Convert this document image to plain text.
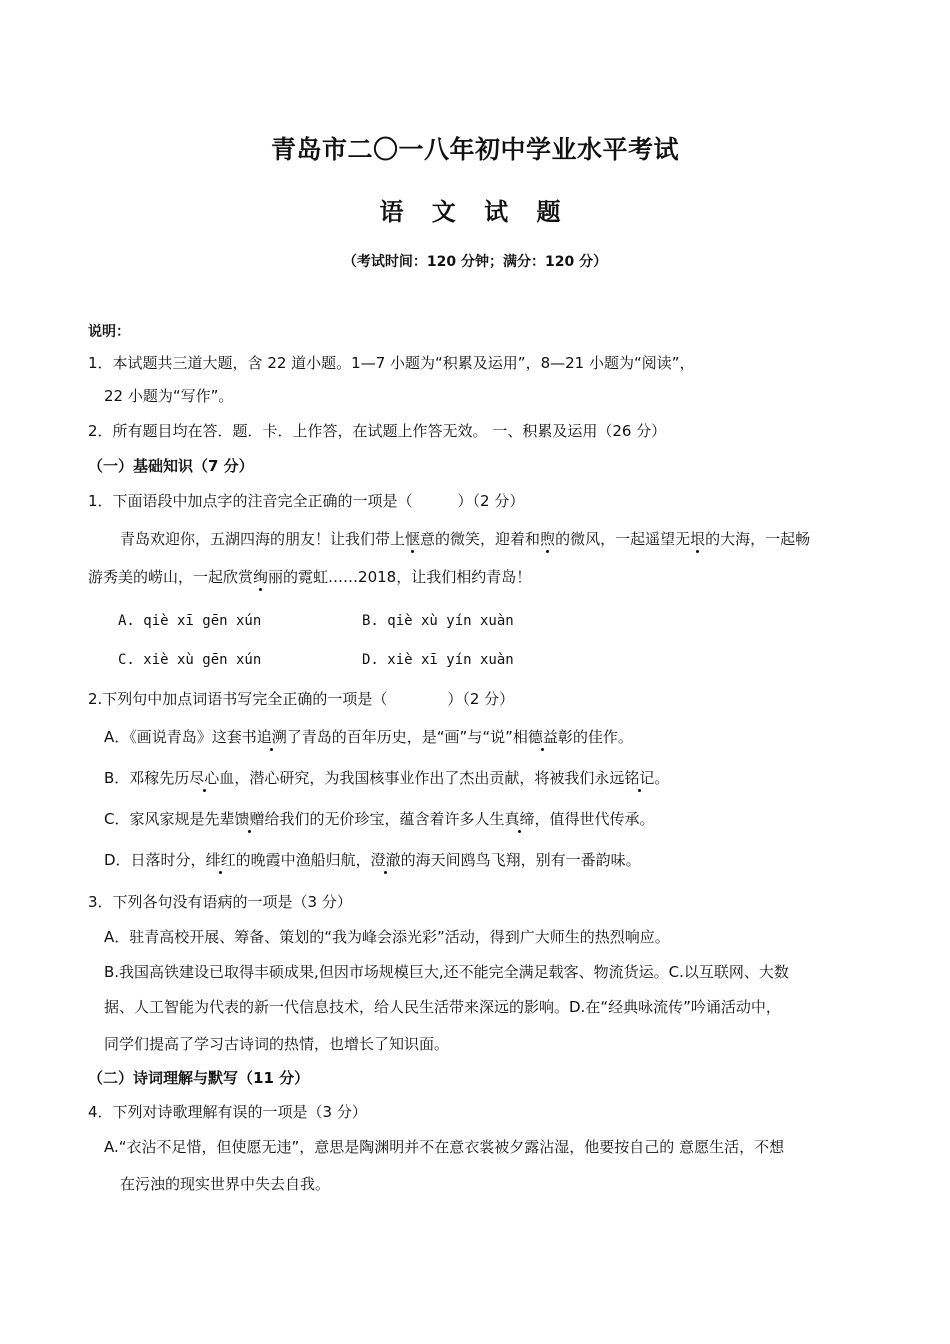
青岛市二〇一八年初中学业水平考试
语 文 试 题
（考试时间：120 分钟；满分：120 分）
说明：
1．本试题共三道大题，含 22 道小题。1—7 小题为“积累及运用”，8—21 小题为“阅读”，
22 小题为“写作”。
2．所有题目均在答．题．卡．上作答，在试题上作答无效。 一、积累及运用（26 分）
（一）基础知识（7 分）
1．下面语段中加点字的注音完全正确的一项是（　　　）（2 分）
青岛欢迎你，五湖四海的朋友！让我们带上惬意的微笑，迎着和煦的微风，一起遥望无垠的大海，一起畅
游秀美的崂山，一起欣赏绚丽的霓虹……2018，让我们相约青岛！
A. qiè xī gēn xún	B. qiè xù yín xuàn
C. xiè xù gēn xún	D. xiè xī yín xuàn
2.下列句中加点词语书写完全正确的一项是（　　　　）（2 分）
A．《画说青岛》这套书追溯了青岛的百年历史，是“画”与“说”相德益彰的佳作。
B．邓稼先历尽心血，潜心研究，为我国核事业作出了杰出贡献，将被我们永远铭记。
C．家风家规是先辈馈赠给我们的无价珍宝，蕴含着许多人生真缔，值得世代传承。
D．日落时分，绯红的晚霞中渔船归航，澄澈的海天间鸥鸟飞翔，别有一番韵味。
3．下列各句没有语病的一项是（3 分）
A．驻青高校开展、筹备、策划的“我为峰会添光彩”活动，得到广大师生的热烈响应。
B.我国高铁建设已取得丰硕成果,但因市场规模巨大,还不能完全满足载客、物流货运。C.以互联网、大数
据、人工智能为代表的新一代信息技术，给人民生活带来深远的影响。D.在“经典咏流传”吟诵活动中，
同学们提高了学习古诗词的热情，也增长了知识面。
（二）诗词理解与默写（11 分）
4．下列对诗歌理解有误的一项是（3 分）
A.“衣沾不足惜，但使愿无违”，意思是陶渊明并不在意衣裳被夕露沾湿，他要按自己的 意愿生活，不想
在污浊的现实世界中失去自我。
